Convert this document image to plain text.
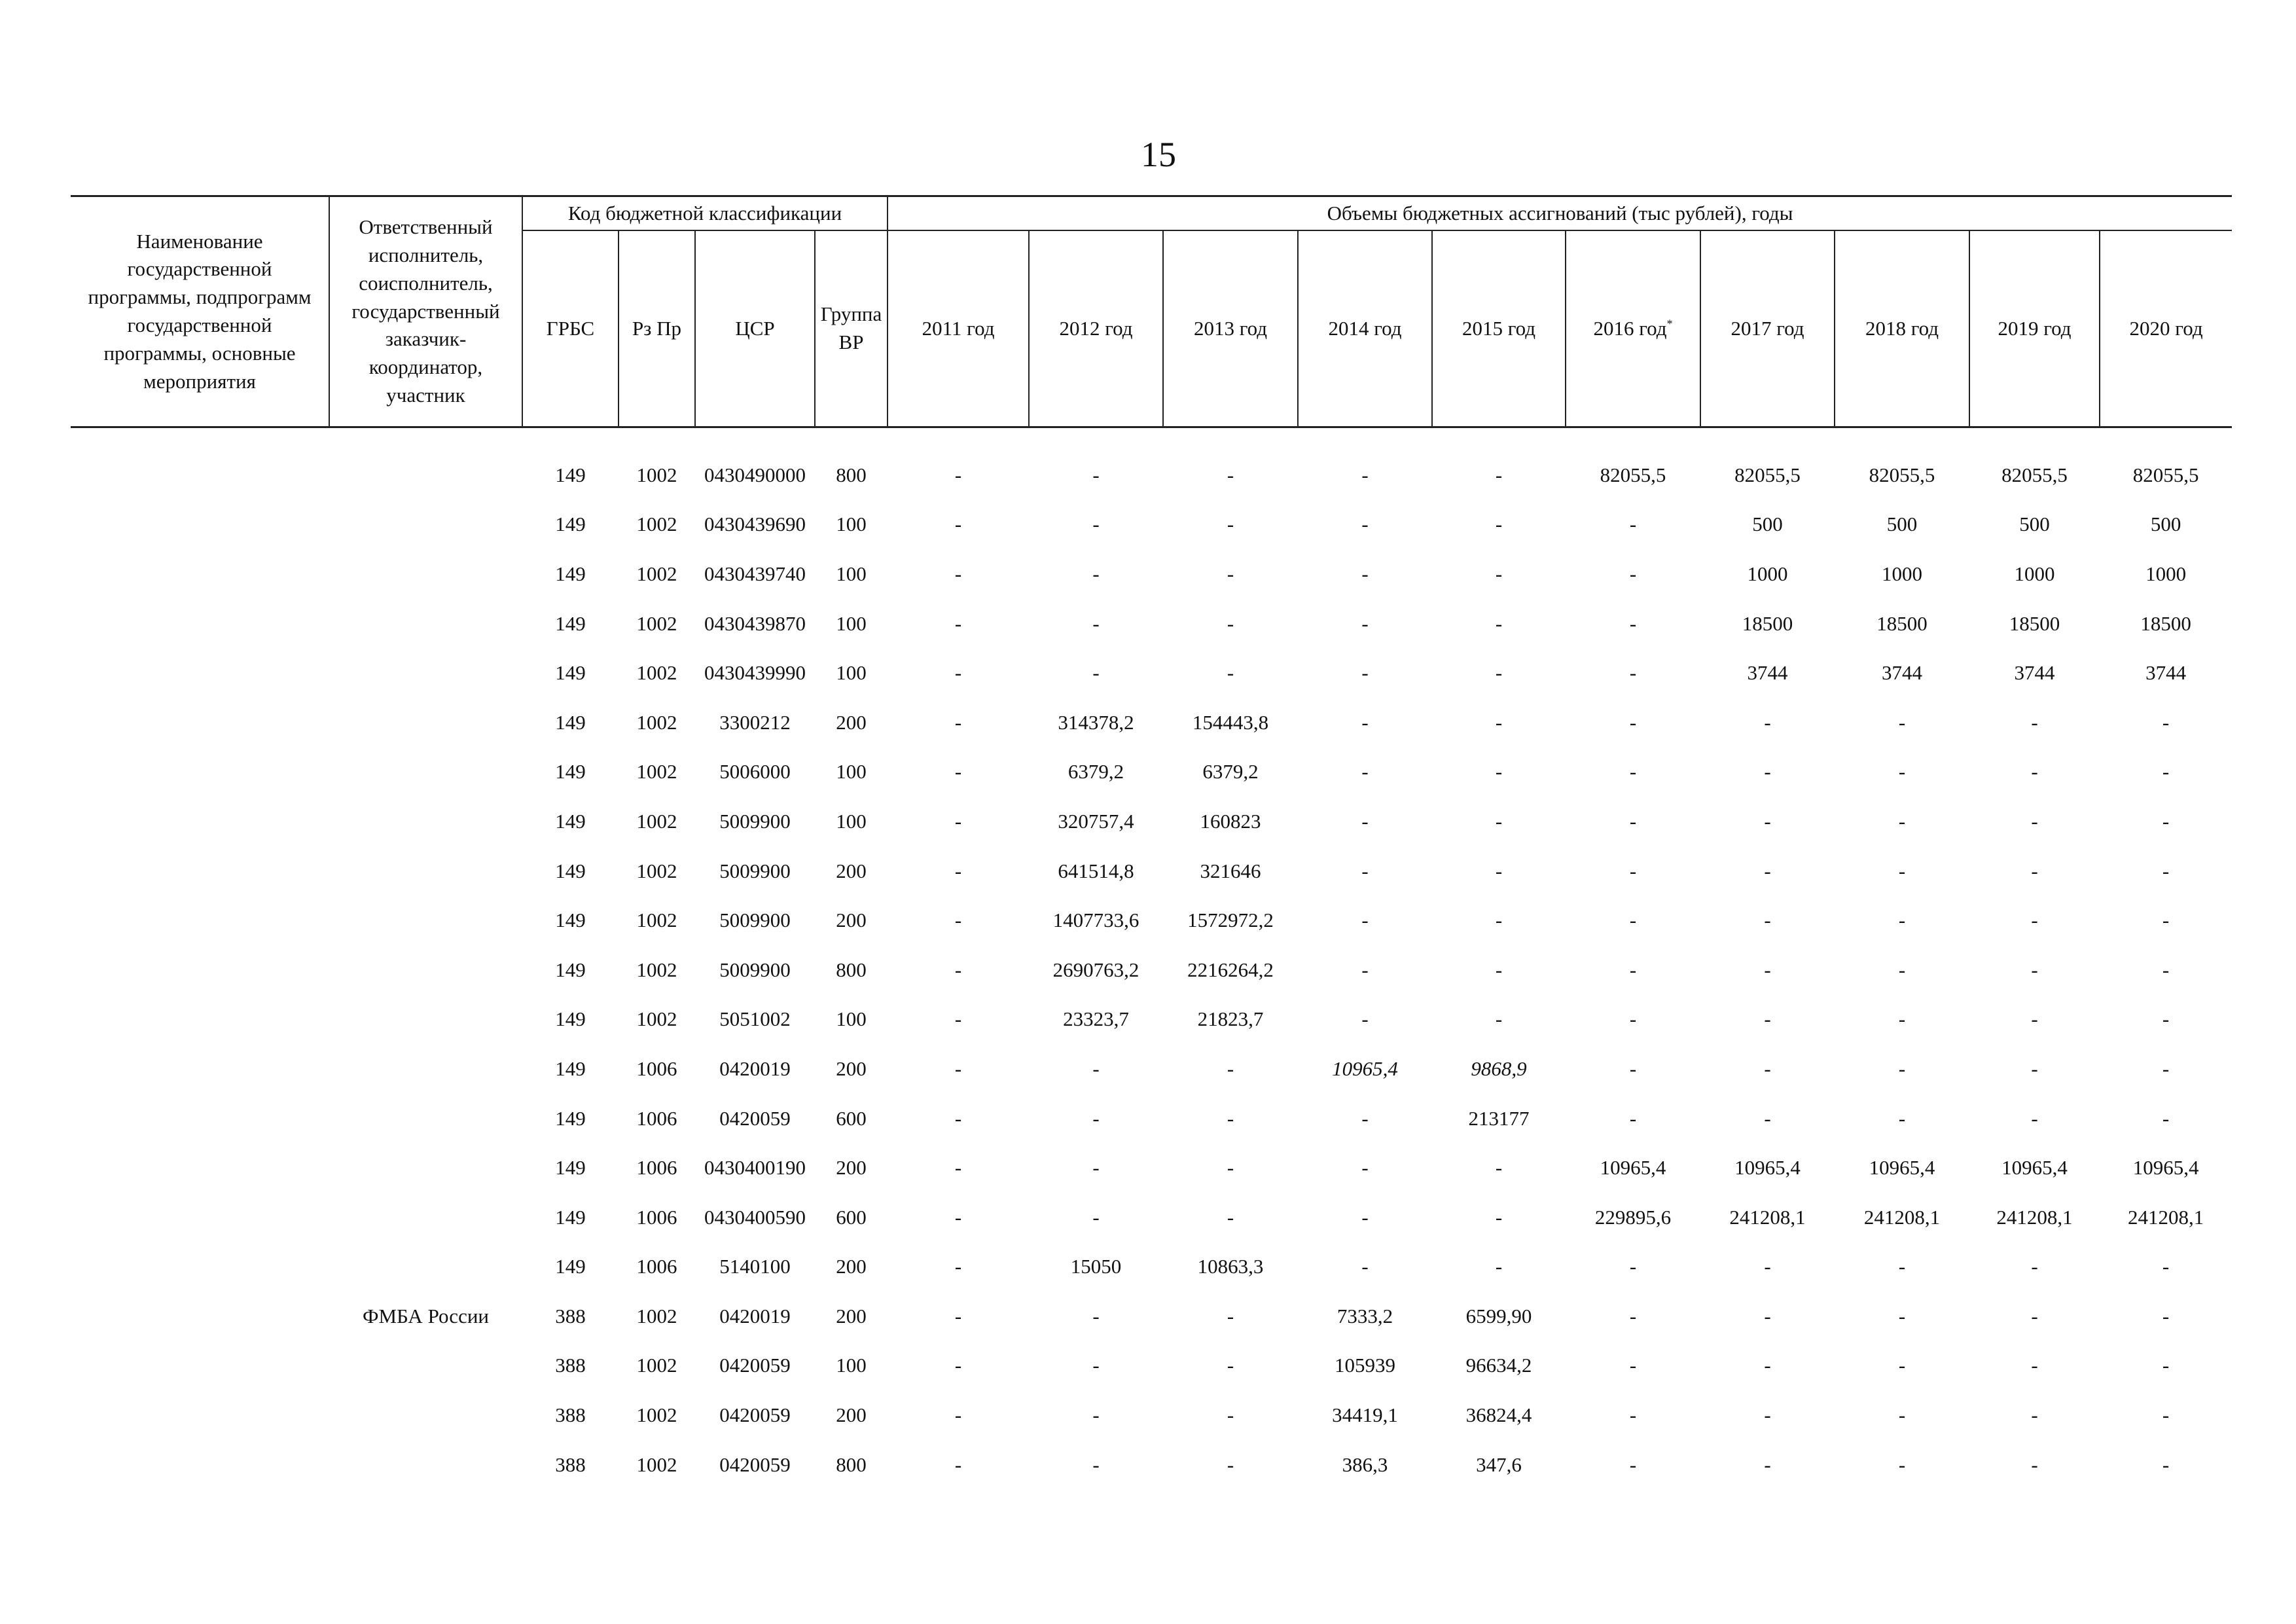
15
Наименование государственной программы, подпрограмм государственной программы, основные мероприятия	Ответственный исполнитель, соисполнитель, государственный заказчик-координатор, участник	Код бюджетной классификации				Объемы бюджетных ассигнований (тыс рублей), годы									
		ГРБС	Рз Пр	ЦСР	Группа ВР	2011 год	2012 год	2013 год	2014 год	2015 год	2016 год*	2017 год	2018 год	2019 год	2020 год

		149	1002	0430490000	800	-	-	-	-	-	82055,5	82055,5	82055,5	82055,5	82055,5
		149	1002	0430439690	100	-	-	-	-	-	-	500	500	500	500
		149	1002	0430439740	100	-	-	-	-	-	-	1000	1000	1000	1000
		149	1002	0430439870	100	-	-	-	-	-	-	18500	18500	18500	18500
		149	1002	0430439990	100	-	-	-	-	-	-	3744	3744	3744	3744
		149	1002	3300212	200	-	314378,2	154443,8	-	-	-	-	-	-	-
		149	1002	5006000	100	-	6379,2	6379,2	-	-	-	-	-	-	-
		149	1002	5009900	100	-	320757,4	160823	-	-	-	-	-	-	-
		149	1002	5009900	200	-	641514,8	321646	-	-	-	-	-	-	-
		149	1002	5009900	200	-	1407733,6	1572972,2	-	-	-	-	-	-	-
		149	1002	5009900	800	-	2690763,2	2216264,2	-	-	-	-	-	-	-
		149	1002	5051002	100	-	23323,7	21823,7	-	-	-	-	-	-	-
		149	1006	0420019	200	-	-	-	10965,4	9868,9	-	-	-	-	-
		149	1006	0420059	600	-	-	-	-	213177	-	-	-	-	-
		149	1006	0430400190	200	-	-	-	-	-	10965,4	10965,4	10965,4	10965,4	10965,4
		149	1006	0430400590	600	-	-	-	-	-	229895,6	241208,1	241208,1	241208,1	241208,1
		149	1006	5140100	200	-	15050	10863,3	-	-	-	-	-	-	-
	ФМБА России	388	1002	0420019	200	-	-	-	7333,2	6599,90	-	-	-	-	-
		388	1002	0420059	100	-	-	-	105939	96634,2	-	-	-	-	-
		388	1002	0420059	200	-	-	-	34419,1	36824,4	-	-	-	-	-
		388	1002	0420059	800	-	-	-	386,3	347,6	-	-	-	-	-
